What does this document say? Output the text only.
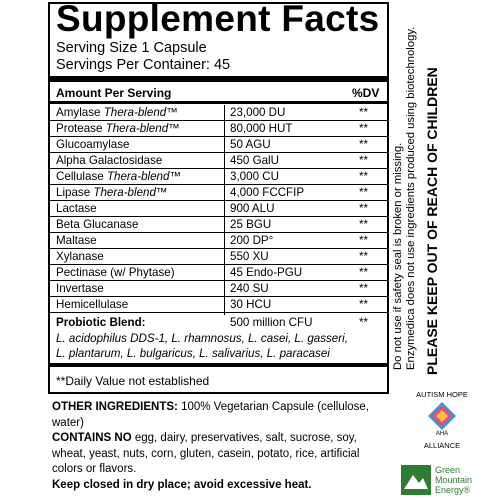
Supplement Facts
Serving Size 1 Capsule
Servings Per Container: 45
Amount Per Serving	%DV
Amylase Thera-blend™	23,000 DU	**
Protease Thera-blend™	80,000 HUT	**
Glucoamylase	50 AGU	**
Alpha Galactosidase	450 GalU	**
Cellulase Thera-blend™	3,000 CU	**
Lipase Thera-blend™	4,000 FCCFIP	**
Lactase	900 ALU	**
Beta Glucanase	25 BGU	**
Maltase	200 DP°	**
Xylanase	550 XU	**
Pectinase (w/ Phytase)	45 Endo-PGU	**
Invertase	240 SU	**
Hemicellulase	30 HCU	**
Probiotic Blend:	500 million CFU	**
L. acidophilus DDS-1, L. rhamnosus, L. casei, L. gasseri,
L. plantarum, L. bulgaricus, L. salivarius, L. paracasei
**Daily Value not established
OTHER INGREDIENTS: 100% Vegetarian Capsule (cellulose, water)
CONTAINS NO egg, dairy, preservatives, salt, sucrose, soy, wheat, yeast, nuts, corn, gluten, casein, potato, rice, artificial colors or flavors.
Keep closed in dry place; avoid excessive heat.
Do not use if safety seal is broken or missing. Enzymedica does not use ingredients produced using biotechnology. PLEASE KEEP OUT OF REACH OF CHILDREN
AUTISM HOPE
AHA
ALLIANCE
Green
Mountain
Energy®
